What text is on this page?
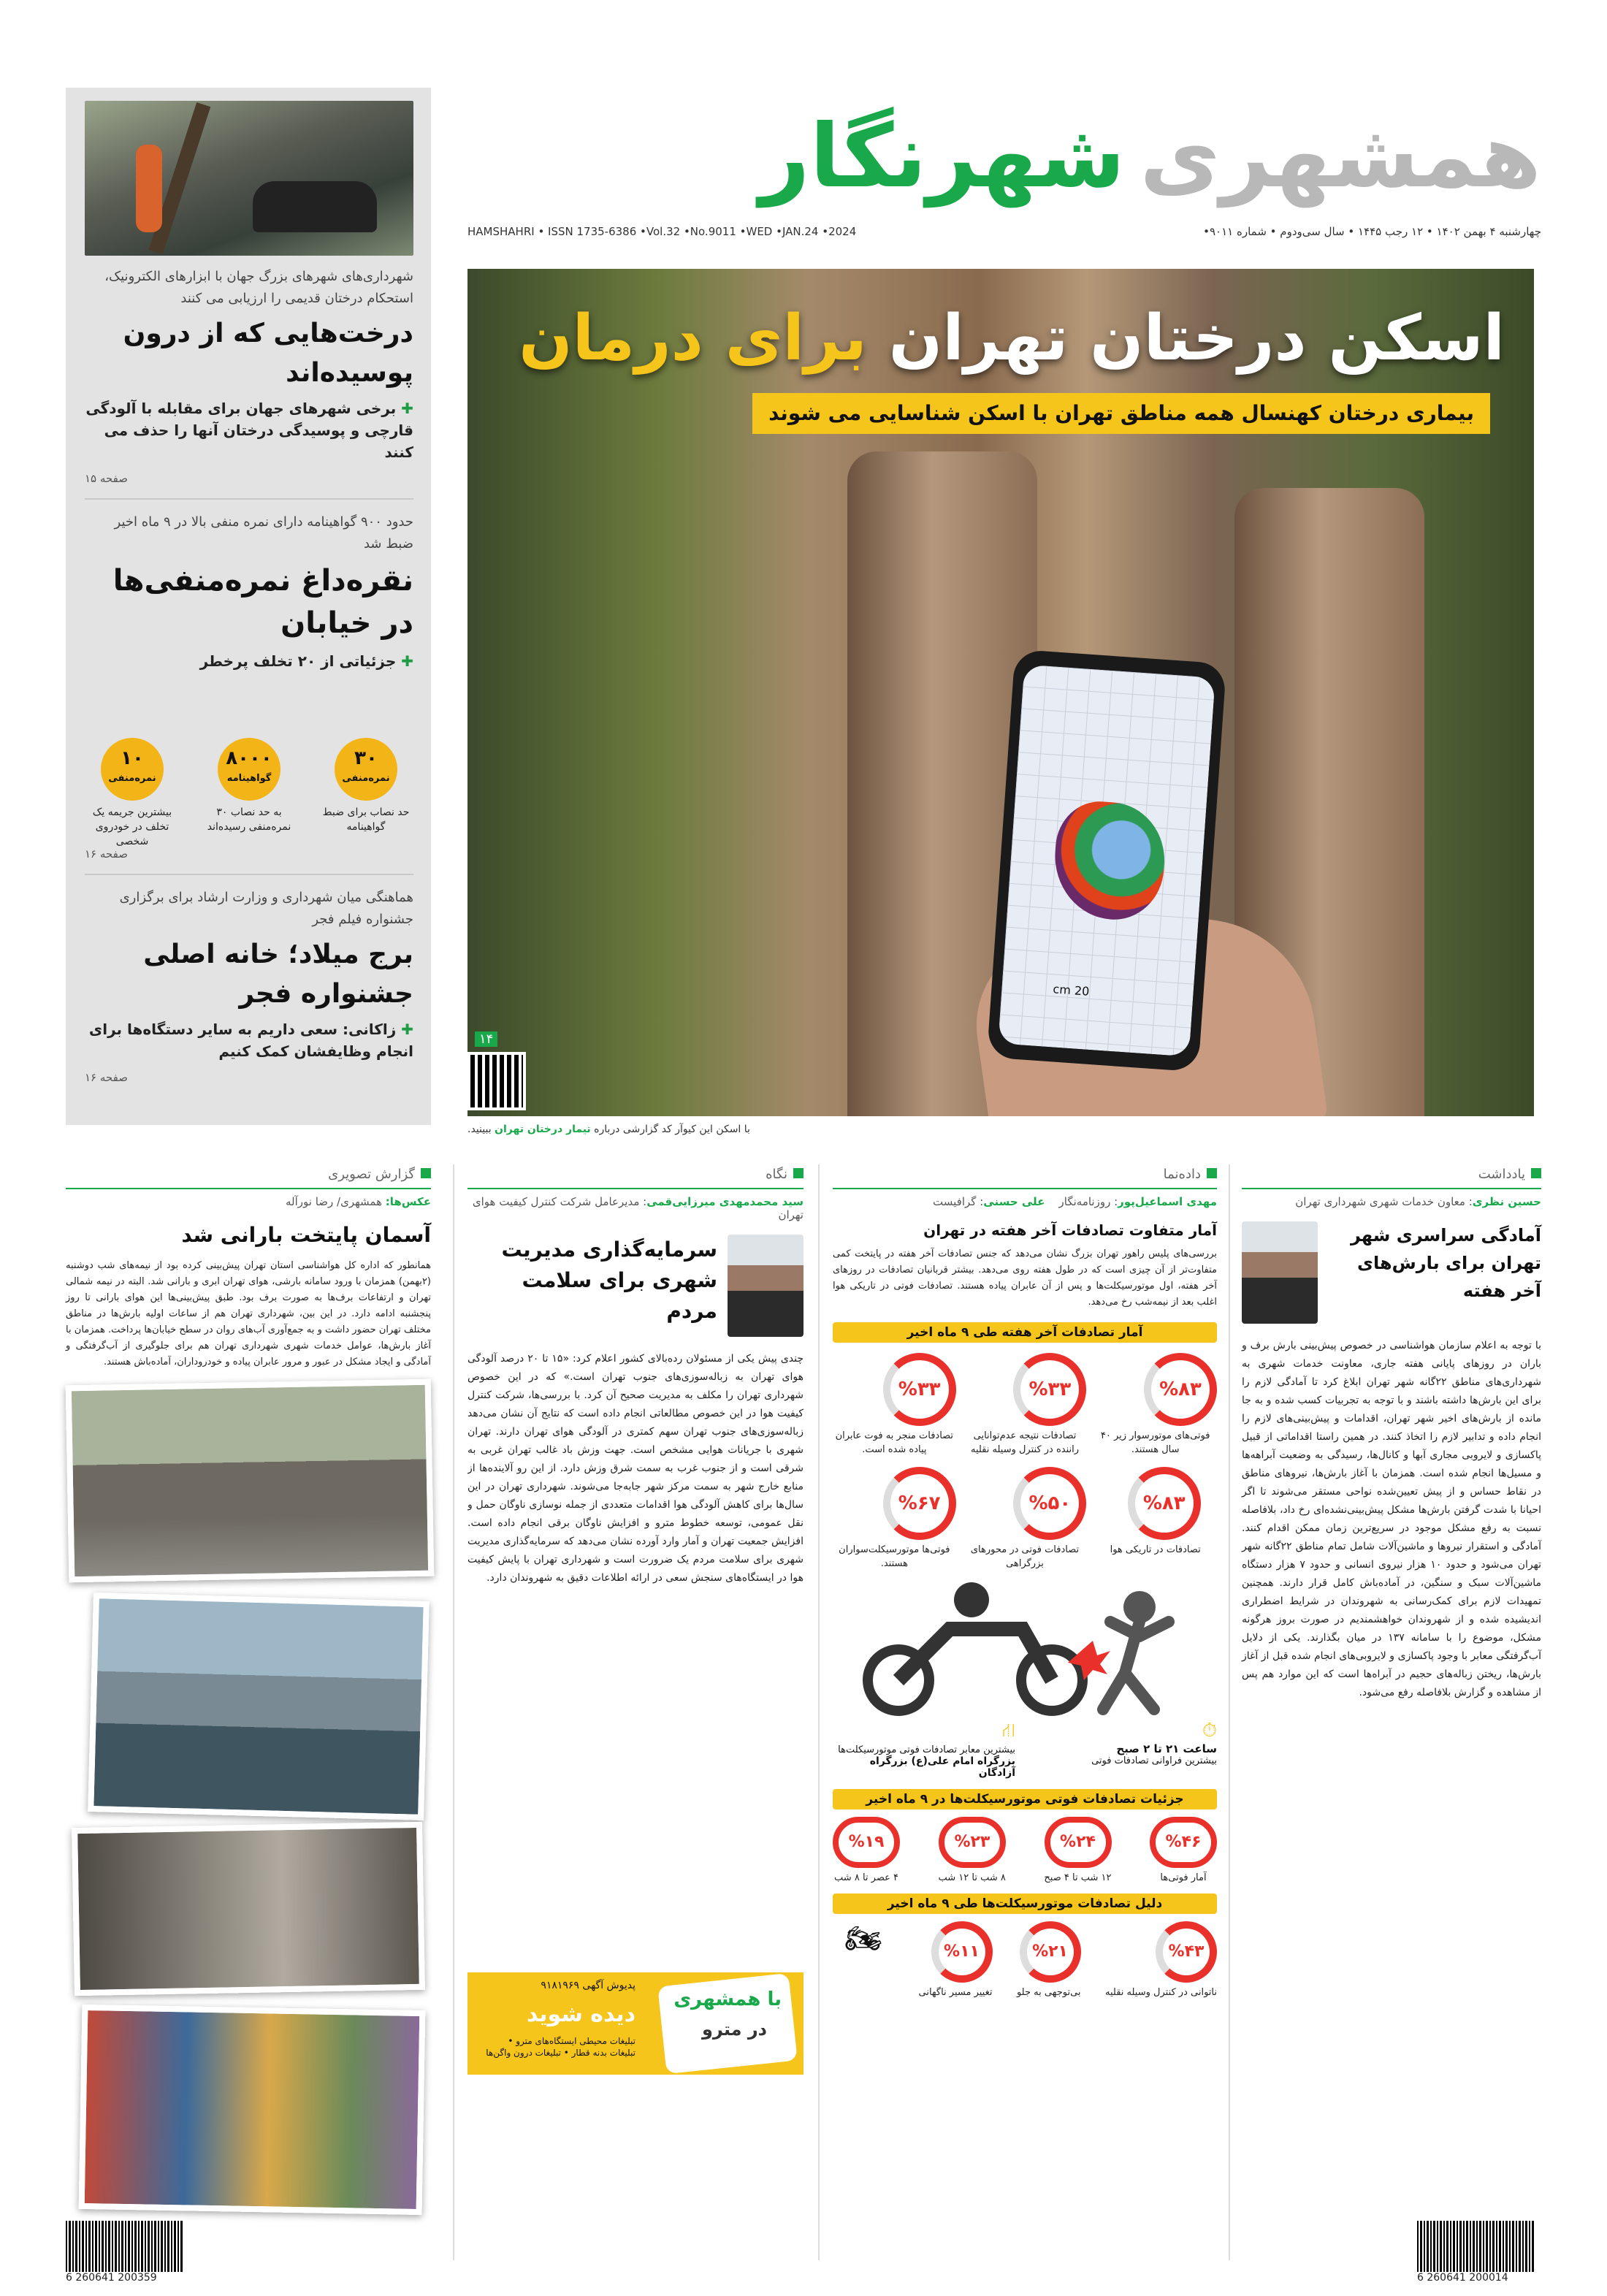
شهرداری‌های شهرهای بزرگ جهان با ابزارهای الکترونیک، استحکام درختان قدیمی را ارزیابی می کنند
درخت‌هایی که از درون پوسیده‌اند
✚ برخی شهرهای جهان برای مقابله با آلودگی قارچی و پوسیدگی درختان آنها را حذف می کنند
صفحه ۱۵
حدود ۹۰۰ گواهینامه دارای نمره منفی بالا در ۹ ماه اخیر ضبط شد
نقره‌داغ نمره‌منفی‌ها در خیابان
✚ جزئیاتی از ۲۰ تخلف پرخطر
۳۰
نمره‌منفی
حد نصاب برای ضبط گواهینامه
۸۰۰۰
گواهینامه
به حد نصاب ۳۰ نمره‌منفی رسیده‌اند
۱۰
نمره‌منفی
بیشترین جریمه یک تخلف در خودروی شخصی
صفحه ۱۶
هماهنگی میان شهرداری و وزارت ارشاد برای برگزاری جشنواره فیلم فجر
برج میلاد؛ خانه اصلی جشنواره فجر
✚ زاکانی: سعی داریم به سایر دستگاه‌ها برای انجام وظایفشان کمک کنیم
صفحه ۱۶
همشهری
شهرنگار
چهارشنبه ۴ بهمن ۱۴۰۲ • ۱۲ رجب ۱۴۴۵ • سال سی‌ودوم • شماره ۹۰۱۱•
HAMSHAHRI • ISSN 1735-6386 •Vol.32 •No.9011 •WED •JAN.24 •2024
20 cm
اسکن درختان تهران برای درمان
بیماری درختان کهنسال همه مناطق تهران با اسکن شناسایی می شوند
۱۴
با اسکن این کیوآر کد گزارشی درباره تیمار درختان تهران ببینید.
یادداشت
حسین نظری: معاون خدمات شهری شهرداری تهران
آمادگی سراسری شهر تهران برای بارش‌های آخر هفته
با توجه به اعلام سازمان هواشناسی در خصوص پیش‌بینی بارش برف و باران در روزهای پایانی هفته جاری، معاونت خدمات شهری به شهرداری‌های مناطق ۲۲گانه شهر تهران ابلاغ کرد تا آمادگی لازم را برای این بارش‌ها داشته باشند و با توجه به تجربیات کسب شده و به جا مانده از بارش‌های اخیر شهر تهران، اقدامات و پیش‌بینی‌های لازم را انجام داده و تدابیر لازم را اتخاذ کنند. در همین راستا اقداماتی از قبیل پاکسازی و لایروبی مجاری آبها و کانال‌ها، رسیدگی به وضعیت آبراهه‌ها و مسیل‌ها انجام شده است. همزمان با آغاز بارش‌ها، نیروهای مناطق در نقاط حساس و از پیش تعیین‌شده نواحی مستقر می‌شوند تا اگر احیانا با شدت گرفتن بارش‌ها مشکل پیش‌بینی‌نشده‌ای رخ داد، بلافاصله نسبت به رفع مشکل موجود در سریع‌ترین زمان ممکن اقدام کنند. آمادگی و استقرار نیروها و ماشین‌آلات شامل تمام مناطق ۲۲گانه شهر تهران می‌شود و حدود ۱۰ هزار نیروی انسانی و حدود ۷ هزار دستگاه ماشین‌آلات سبک و سنگین، در آماده‌باش کامل قرار دارند. همچنین تمهیدات لازم برای کمک‌رسانی به شهروندان در شرایط اضطراری اندیشیده شده و از شهروندان خواهشمندیم در صورت بروز هرگونه مشکل، موضوع را با سامانه ۱۳۷ در میان بگذارند. یکی از دلایل آب‌گرفتگی معابر با وجود پاکسازی و لایروبی‌های انجام شده قبل از آغاز بارش‌ها، ریختن زباله‌های حجیم در آبراه‌ها است که این موارد هم پس از مشاهده و گزارش بلافاصله رفع می‌شود.
داده‌نما
مهدی اسماعیل‌پور: روزنامه‌نگار    علی حسنی: گرافیست
آمار متفاوت تصادفات آخر هفته در تهران
بررسی‌های پلیس راهور تهران بزرگ نشان می‌دهد که جنس تصادفات آخر هفته در پایتخت کمی متفاوت‌تر از آن چیزی است که در طول هفته روی می‌دهد. بیشتر قربانیان تصادفات در روزهای آخر هفته، اول موتورسیکلت‌ها و پس از آن عابران پیاده هستند. تصادفات فوتی در تاریکی هوا اغلب بعد از نیمه‌شب رخ می‌دهد.
آمار تصادفات آخر هفته طی ۹ ماه اخیر
%۸۳
فوتی‌های موتورسوار زیر ۴۰ سال هستند.
%۳۳
تصادفات نتیجه عدم‌توانایی راننده در کنترل وسیله نقلیه
%۳۳
تصادفات منجر به فوت عابران پیاده شده است.
%۸۳
تصادفات در تاریکی هوا
%۵۰
تصادفات فوتی در محورهای بزرگراهی
%۶۷
فوتی‌ها موتورسیکلت‌سواران هستند.
⏱
ساعت ۲۱ تا ۲ صبح
بیشترین فراوانی تصادفات فوتی
⛙
بیشترین معابر تصادفات فوتی موتورسیکلت‌ها
بزرگراه امام علی(ع) بزرگراه آزادگان
جزئیات تصادفات فوتی موتورسیکلت‌ها در ۹ ماه اخیر
%۴۶
آمار فوتی‌ها
%۲۴
۱۲ شب تا ۴ صبح
%۲۳
۸ شب تا ۱۲ شب
%۱۹
۴ عصر تا ۸ شب
دلیل تصادفات موتورسیکلت‌ها طی ۹ ماه اخیر
%۴۳
ناتوانی در کنترل وسیله نقلیه
%۲۱
بی‌توجهی به جلو
%۱۱
تغییر مسیر ناگهانی
🏍
نگاه
سید محمدمهدی میرزایی‌قمی: مدیرعامل شرکت کنترل کیفیت هوای تهران
سرمایه‌گذاری مدیریت شهری برای سلامت مردم
چندی پیش یکی از مسئولان رده‌بالای کشور اعلام کرد: «۱۵ تا ۲۰ درصد آلودگی هوای تهران به زباله‌سوزی‌های جنوب تهران است.» که در این خصوص شهرداری تهران را مکلف به مدیریت صحیح آن کرد. با بررسی‌ها، شرکت کنترل کیفیت هوا در این خصوص مطالعاتی انجام داده است که نتایج آن نشان می‌دهد زباله‌سوزی‌های جنوب تهران سهم کمتری در آلودگی هوای تهران دارند. تهران شهری با جریانات هوایی مشخص است. جهت وزش باد غالب تهران غربی به شرقی است و از جنوب غرب به سمت شرق وزش دارد. از این رو آلاینده‌ها از منابع خارج شهر به سمت مرکز شهر جابه‌جا می‌شوند. شهرداری تهران در این سال‌ها برای کاهش آلودگی هوا اقدامات متعددی از جمله نوسازی ناوگان حمل و نقل عمومی، توسعه خطوط مترو و افزایش ناوگان برقی انجام داده است. افزایش جمعیت تهران و آمار وارد آورده نشان می‌دهد که سرمایه‌گذاری مدیریت شهری برای سلامت مردم یک ضرورت است و شهرداری تهران با پایش کیفیت هوا در ایستگاه‌های سنجش سعی در ارائه اطلاعات دقیق به شهروندان دارد.
با همشهری
در مترو
پدیوش آگهی ۹۱۸۱۹۶۹
دیده شوید
تبلیغات محیطی ایستگاه‌های مترو • تبلیغات بدنه قطار • تبلیغات درون واگن‌ها
گزارش تصویری
عکس‌ها: همشهری/ رضا نورآله
آسمان پایتخت بارانی شد
همانطور که اداره کل هواشناسی استان تهران پیش‌بینی کرده بود از نیمه‌های شب دوشنبه (۲بهمن) همزمان با ورود سامانه بارشی، هوای تهران ابری و بارانی شد. البته در نیمه شمالی تهران و ارتفاعات برف‌ها به صورت برف بود. طبق پیش‌بینی‌ها این هوای بارانی تا روز پنجشنبه ادامه دارد. در این بین، شهرداری تهران هم از ساعات اولیه بارش‌ها در مناطق مختلف تهران حضور داشت و به جمع‌آوری آب‌های روان در سطح خیابان‌ها پرداخت. همزمان با آغاز بارش‌ها، عوامل خدمات شهری شهرداری تهران هم برای جلوگیری از آب‌گرفتگی و آمادگی و ایجاد مشکل در عبور و مرور عابران پیاده و خودروداران، آماده‌باش هستند.
6 260641 200359	6 260641 200014
